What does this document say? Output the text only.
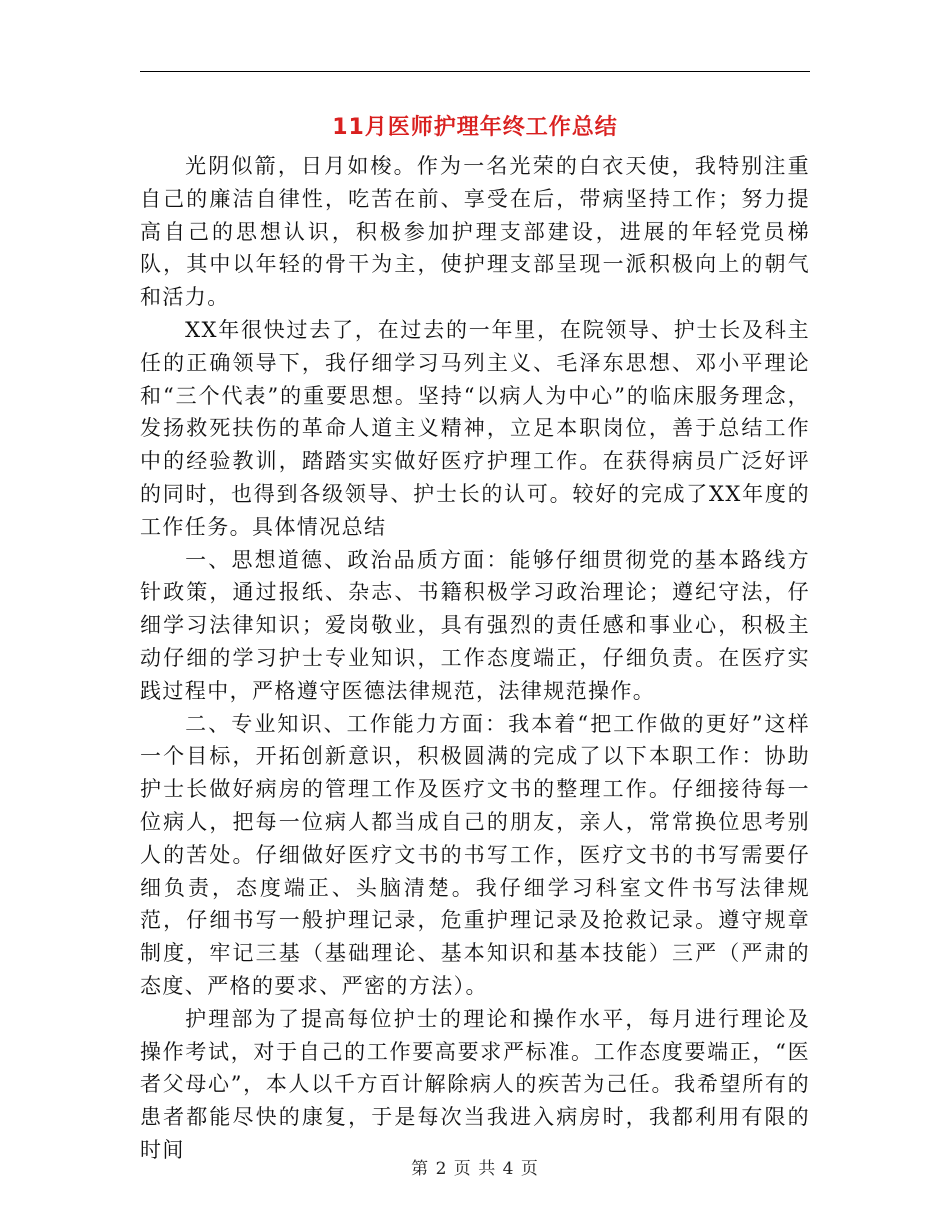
11月医师护理年终工作总结

光阴似箭，日月如梭。作为一名光荣的白衣天使，我特别注重自己的廉洁自律性，吃苦在前、享受在后，带病坚持工作；努力提高自己的思想认识，积极参加护理支部建设，进展的年轻党员梯队，其中以年轻的骨干为主，使护理支部呈现一派积极向上的朝气和活力。

XX年很快过去了，在过去的一年里，在院领导、护士长及科主任的正确领导下，我仔细学习马列主义、毛泽东思想、邓小平理论和“三个代表”的重要思想。坚持“以病人为中心”的临床服务理念，发扬救死扶伤的革命人道主义精神，立足本职岗位，善于总结工作中的经验教训，踏踏实实做好医疗护理工作。在获得病员广泛好评的同时，也得到各级领导、护士长的认可。较好的完成了XX年度的工作任务。具体情况总结

一、思想道德、政治品质方面：能够仔细贯彻党的基本路线方针政策，通过报纸、杂志、书籍积极学习政治理论；遵纪守法，仔细学习法律知识；爱岗敬业，具有强烈的责任感和事业心，积极主动仔细的学习护士专业知识，工作态度端正，仔细负责。在医疗实践过程中，严格遵守医德法律规范，法律规范操作。

二、专业知识、工作能力方面：我本着“把工作做的更好”这样一个目标，开拓创新意识，积极圆满的完成了以下本职工作：协助护士长做好病房的管理工作及医疗文书的整理工作。仔细接待每一位病人，把每一位病人都当成自己的朋友，亲人，常常换位思考别人的苦处。仔细做好医疗文书的书写工作，医疗文书的书写需要仔细负责，态度端正、头脑清楚。我仔细学习科室文件书写法律规范，仔细书写一般护理记录，危重护理记录及抢救记录。遵守规章制度，牢记三基（基础理论、基本知识和基本技能）三严（严肃的态度、严格的要求、严密的方法）。

护理部为了提高每位护士的理论和操作水平，每月进行理论及操作考试，对于自己的工作要高要求严标准。工作态度要端正，“医者父母心”，本人以千方百计解除病人的疾苦为己任。我希望所有的患者都能尽快的康复，于是每次当我进入病房时，我都利用有限的时间

第 2 页 共 4 页
